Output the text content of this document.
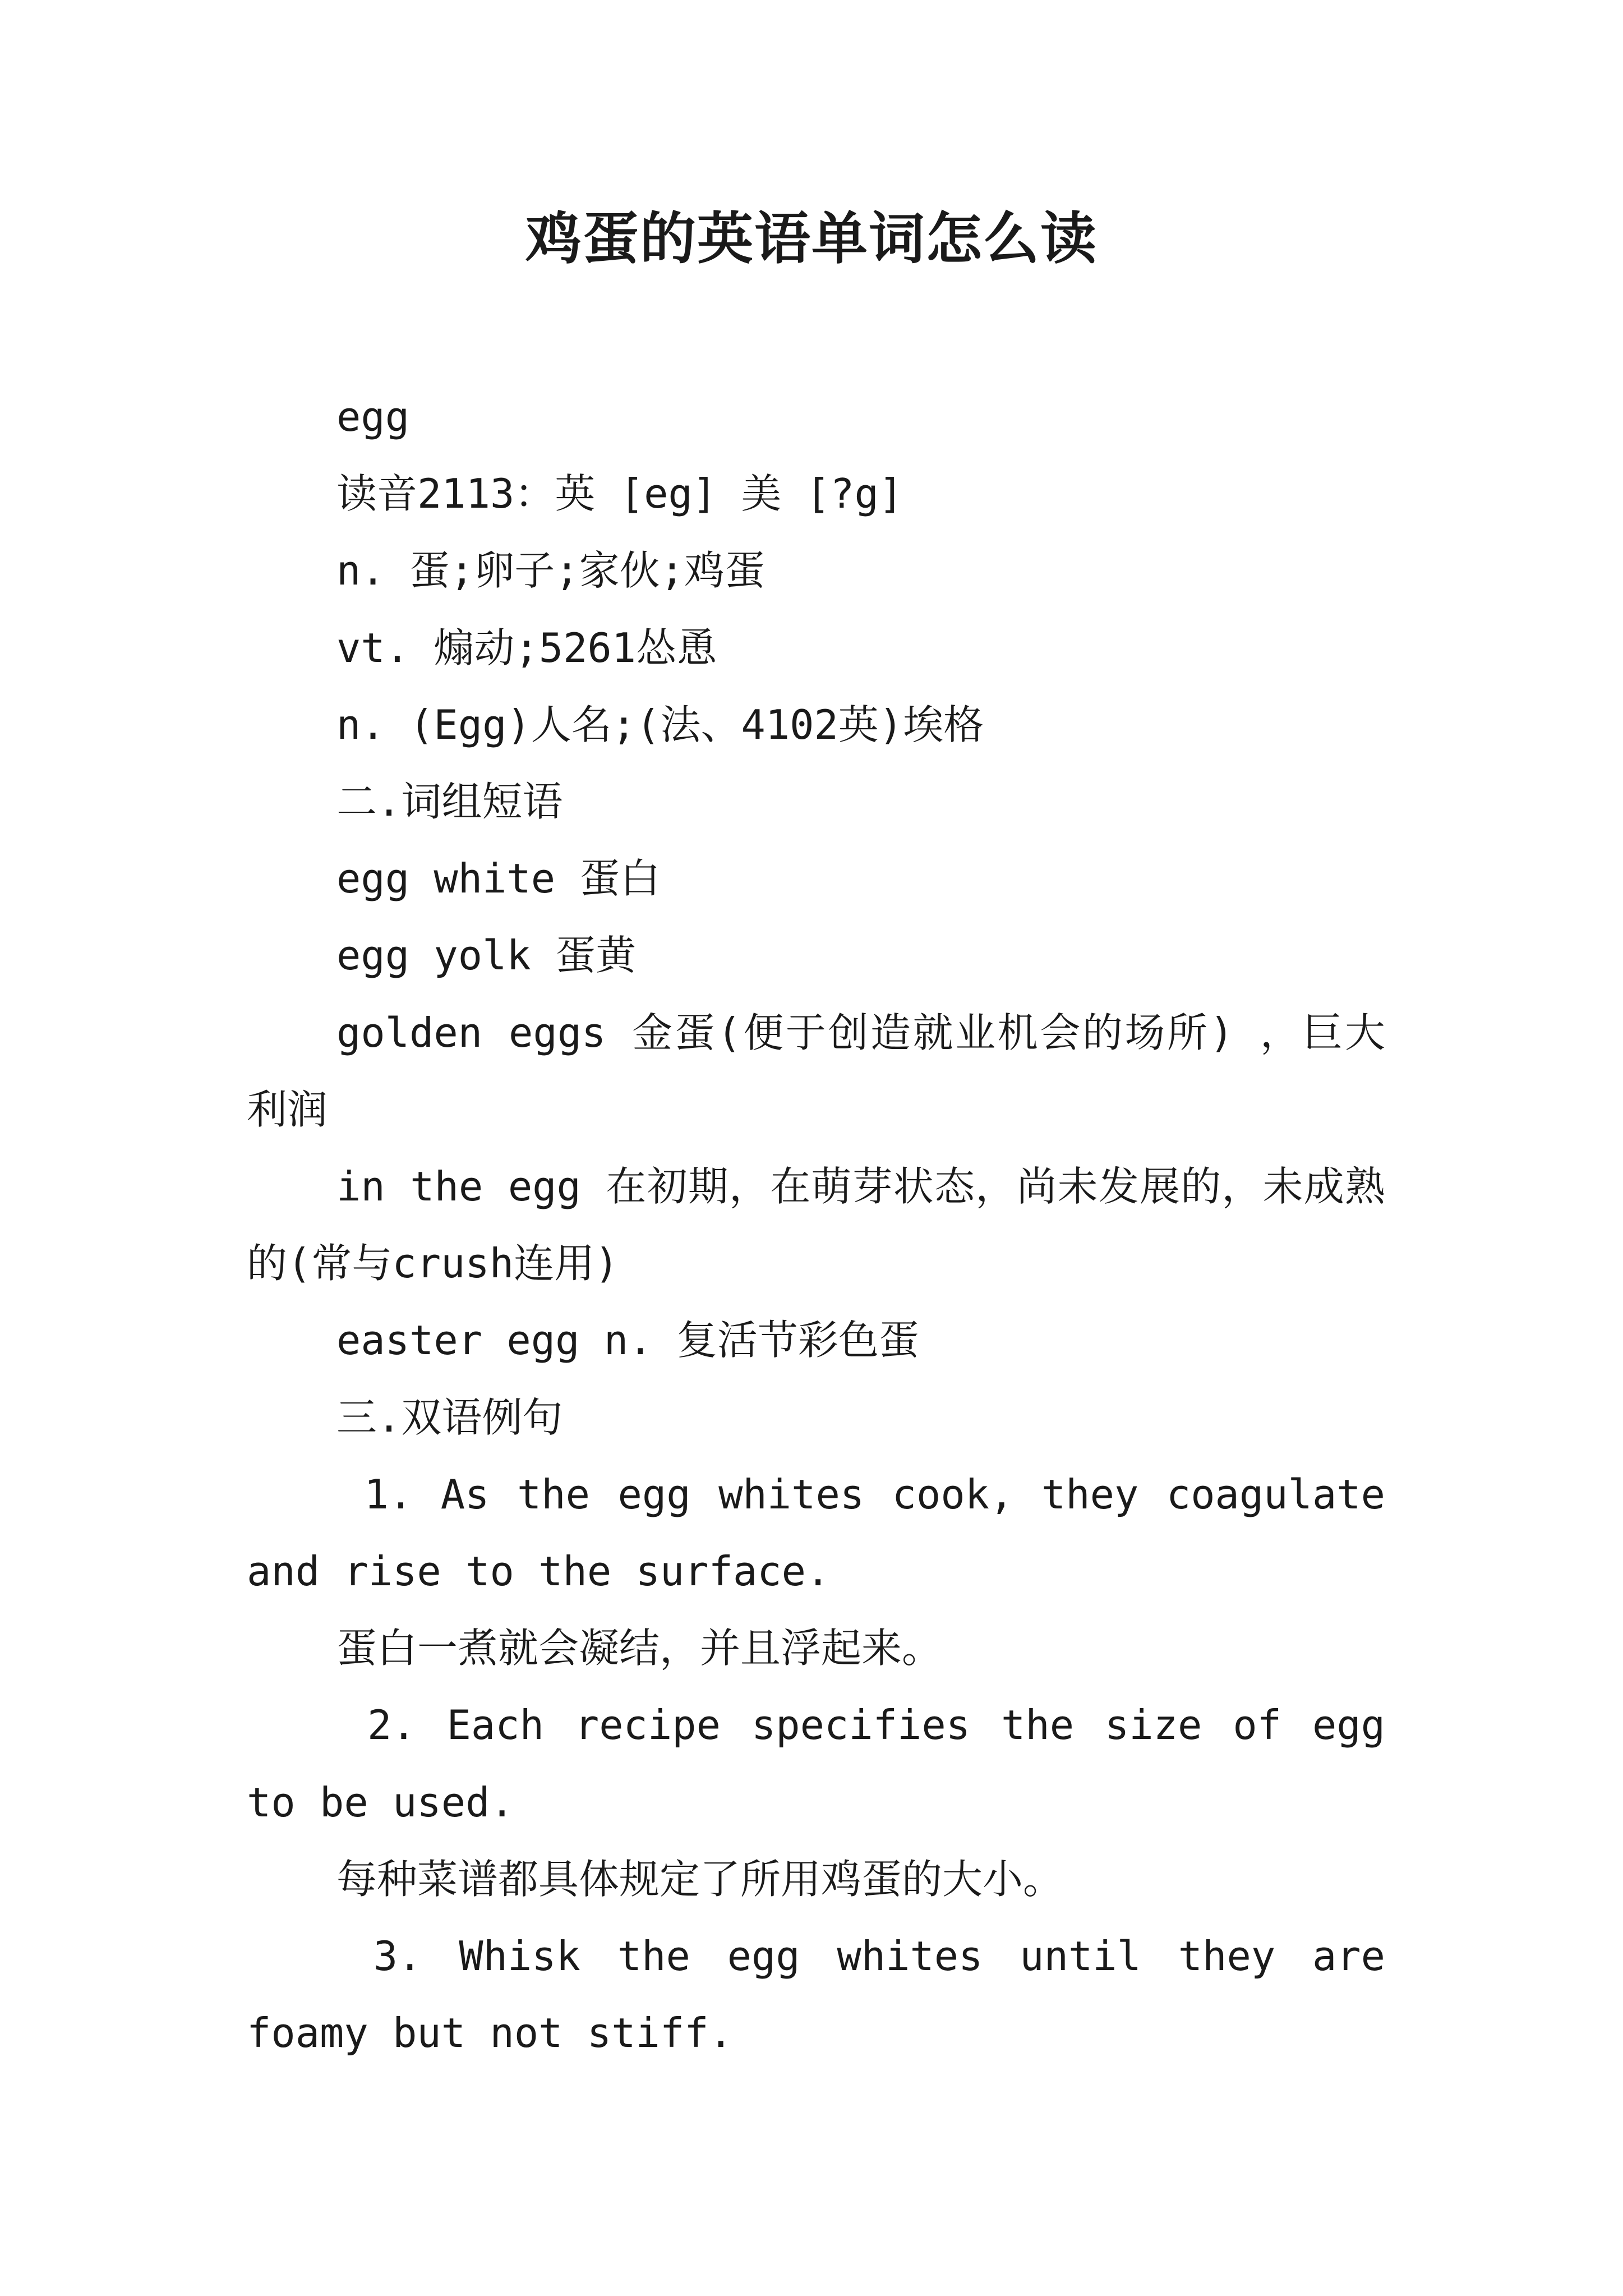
鸡蛋的英语单词怎么读

egg

读音2113：英 [eg] 美 [?g]

n. 蛋;卵子;家伙;鸡蛋

vt. 煽动;5261怂恿

n. (Egg)人名;(法、4102英)埃格

二.词组短语

egg white 蛋白

egg yolk 蛋黄

golden eggs 金蛋(便于创造就业机会的场所) ，巨大利润

in the egg 在初期，在萌芽状态，尚未发展的，未成熟的(常与crush连用)

easter egg n. 复活节彩色蛋

三.双语例句

1. As the egg whites cook, they coagulate and rise to the surface.

蛋白一煮就会凝结，并且浮起来。

2. Each recipe specifies the size of egg to be used.

每种菜谱都具体规定了所用鸡蛋的大小。

3. Whisk the egg whites until they are foamy but not stiff.
